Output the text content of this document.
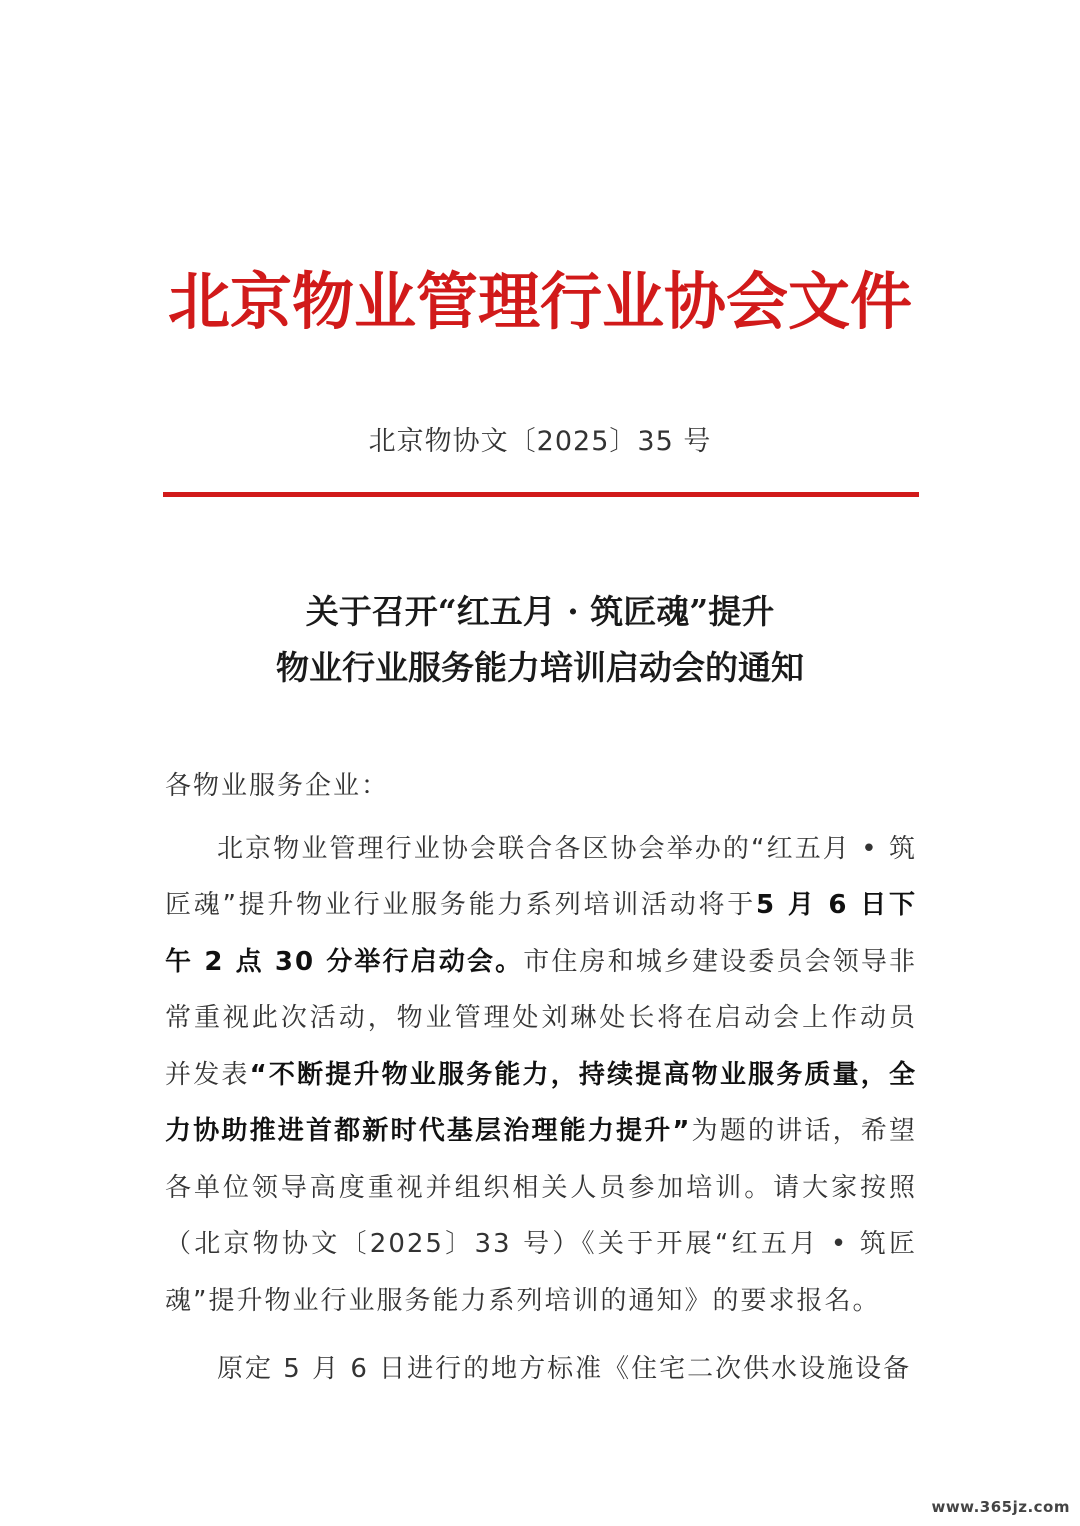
北京物业管理行业协会文件
北京物协文〔2025〕35 号
关于召开“红五月 · 筑匠魂”提升
物业行业服务能力培训启动会的通知

各物业服务企业：

北京物业管理行业协会联合各区协会举办的“红五月 • 筑匠魂”提升物业行业服务能力系列培训活动将于5 月 6 日下午 2 点 30 分举行启动会。市住房和城乡建设委员会领导非常重视此次活动，物业管理处刘琳处长将在启动会上作动员并发表“不断提升物业服务能力，持续提高物业服务质量，全力协助推进首都新时代基层治理能力提升”为题的讲话，希望各单位领导高度重视并组织相关人员参加培训。请大家按照（北京物协文〔2025〕33 号）《关于开展“红五月 • 筑匠魂”提升物业行业服务能力系列培训的通知》的要求报名。

原定 5 月 6 日进行的地方标准《住宅二次供水设施设备

www.365jz.com
